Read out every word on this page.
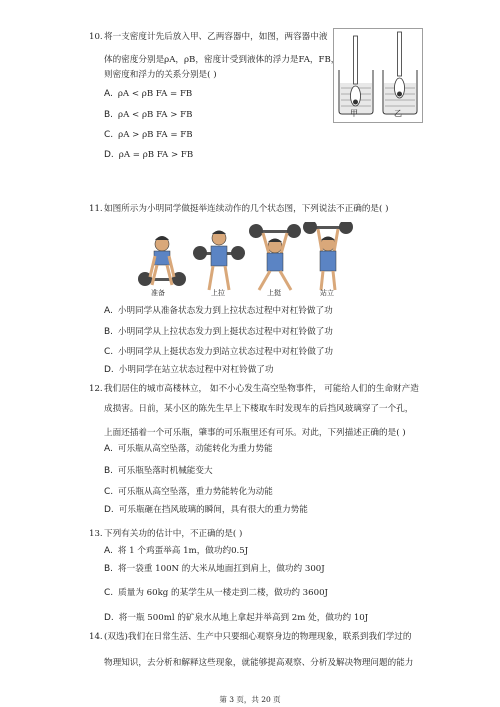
10. 将一支密度计先后放入甲、乙两容器中，如图，两容器中液
体的密度分别是ρA，ρB，密度计受到液体的浮力是FA，FB，
则密度和浮力的关系分别是( )
A. ρA < ρB FA = FB
B. ρA < ρB FA > FB
C. ρA > ρB FA = FB
D. ρA = ρB FA > FB
甲	乙
11. 如图所示为小明同学做挺举连续动作的几个状态图，下列说法不正确的是( )
准备	上拉	上挺	站立
A. 小明同学从准备状态发力到上拉状态过程中对杠铃做了功
B. 小明同学从上拉状态发力到上挺状态过程中对杠铃做了功
C. 小明同学从上挺状态发力到站立状态过程中对杠铃做了功
D. 小明同学在站立状态过程中对杠铃做了功
12. 我们居住的城市高楼林立， 如不小心发生高空坠物事件， 可能给人们的生命财产造
成损害。日前，某小区的陈先生早上下楼取车时发现车的后挡风玻璃穿了一个孔，
上面还插着一个可乐瓶，肇事的可乐瓶里还有可乐。对此，下列描述正确的是( )
A. 可乐瓶从高空坠落，动能转化为重力势能
B. 可乐瓶坠落时机械能变大
C. 可乐瓶从高空坠落，重力势能转化为动能
D. 可乐瓶砸在挡风玻璃的瞬间，具有很大的重力势能
13. 下列有关功的估计中，不正确的是( )
A. 将 1 个鸡蛋举高 1m，做功约0.5J
B. 将一袋重 100N 的大米从地面扛到肩上，做功约 300J
C. 质量为 60kg 的某学生从一楼走到二楼，做功约 3600J
D. 将一瓶 500ml 的矿泉水从地上拿起并举高到 2m 处，做功约 10J
14. (双选)我们在日常生活、生产中只要细心观察身边的物理现象，联系到我们学过的
物理知识，去分析和解释这些现象，就能够提高观察、分析及解决物理问题的能力
第 3 页，共 20 页
